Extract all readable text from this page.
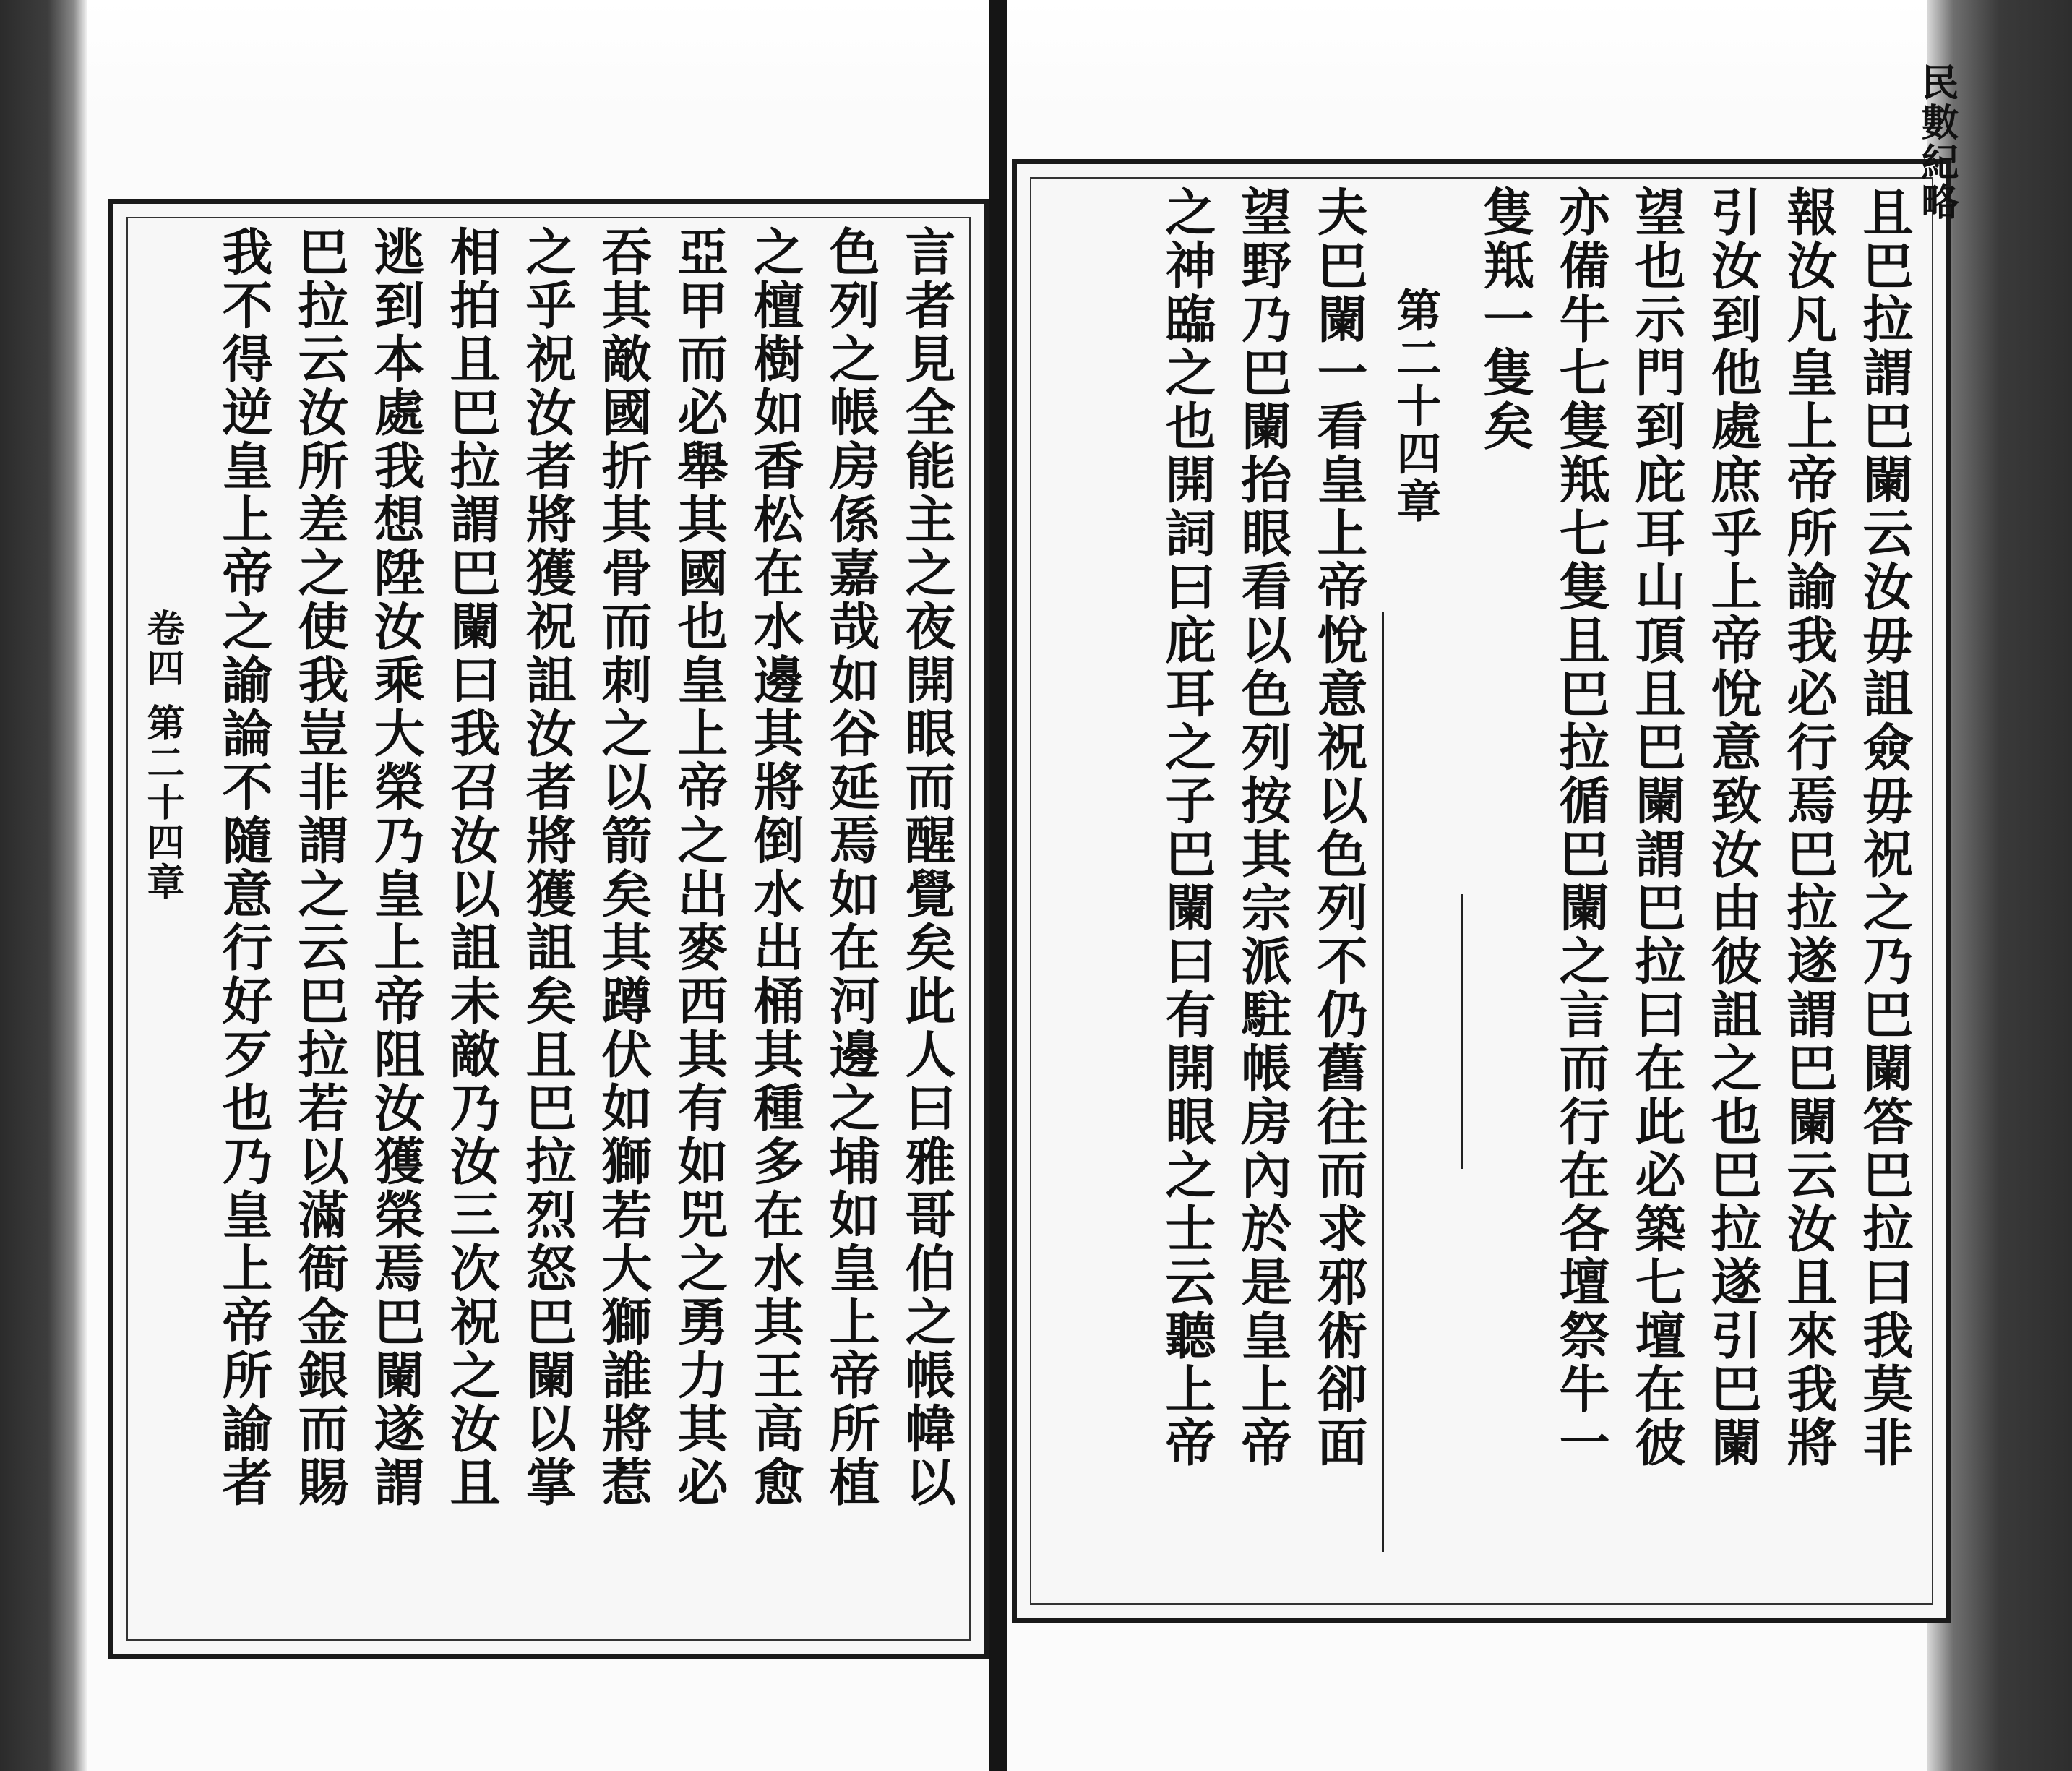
言者見全能主之夜開眼而醒覺矣此人曰雅哥伯之帳幃以
色列之帳房係嘉哉如谷延焉如在河邊之埔如皇上帝所植
之檀樹如香松在水邊其將倒水出桶其種多在水其王高愈
亞甲而必舉其國也皇上帝之出麥西其有如兕之勇力其必
吞其敵國折其骨而刺之以箭矣其蹲伏如獅若大獅誰將惹
之乎祝汝者將獲祝詛汝者將獲詛矣且巴拉烈怒巴闌以掌
相拍且巴拉謂巴闌曰我召汝以詛未敵乃汝三次祝之汝且
逃到本處我想陞汝乘大榮乃皇上帝阻汝獲榮焉巴闌遂謂
巴拉云汝所差之使我豈非謂之云巴拉若以滿衙金銀而賜
我不得逆皇上帝之諭論不隨意行好歹也乃皇上帝所諭者
卷四 第二十四章	且巴拉謂巴闌云汝毋詛僉毋祝之乃巴闌答巴拉曰我莫非
報汝凡皇上帝所諭我必行焉巴拉遂謂巴闌云汝且來我將
引汝到他處庶乎上帝悅意致汝由彼詛之也巴拉遂引巴闌
望也示門到庇耳山頂且巴闌謂巴拉曰在此必築七壇在彼
亦備牛七隻羝七隻且巴拉循巴闌之言而行在各壇祭牛一
隻羝一隻矣
第二十四章
夫巴闌一看皇上帝悅意祝以色列不仍舊往而求邪術卻面
望野乃巴闌抬眼看以色列按其宗派駐帳房內於是皇上帝
之神臨之也開詞曰庇耳之子巴闌曰有開眼之士云聽上帝
民數紀略
